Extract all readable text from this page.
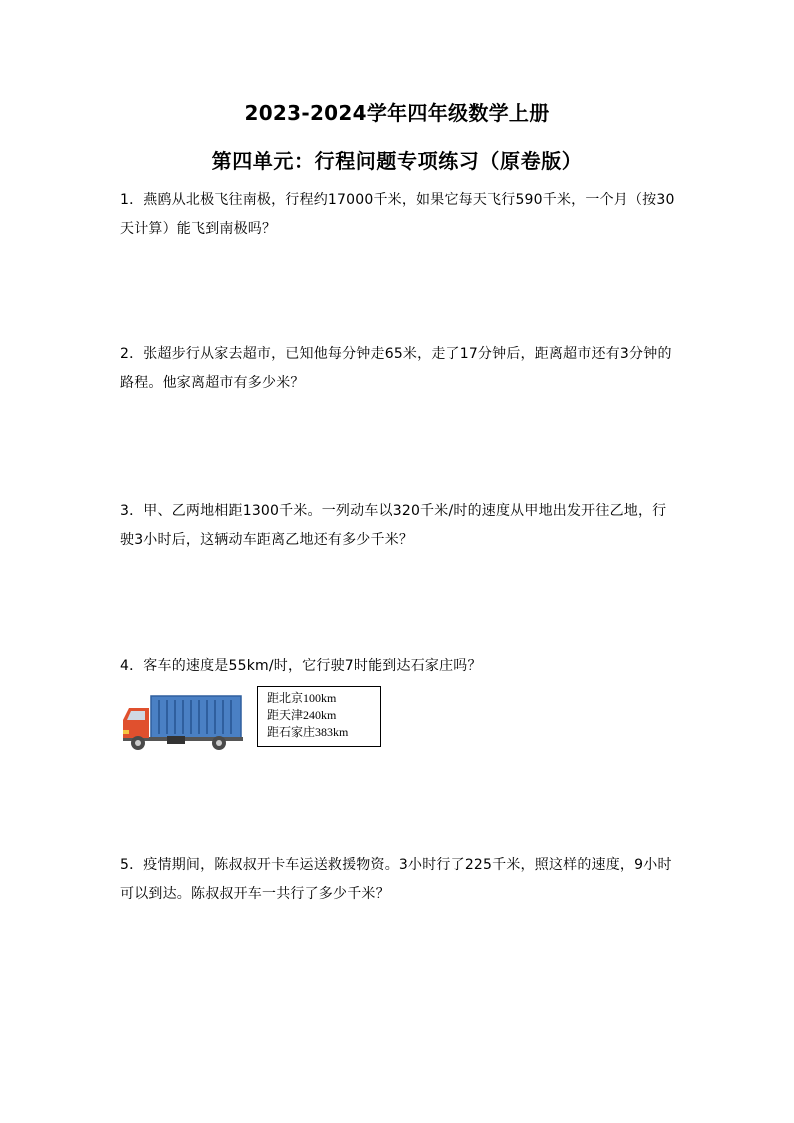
2023-2024学年四年级数学上册
第四单元：行程问题专项练习（原卷版）
1．燕鸥从北极飞往南极，行程约17000千米，如果它每天飞行590千米，一个月（按30天计算）能飞到南极吗？
2．张超步行从家去超市，已知他每分钟走65米，走了17分钟后，距离超市还有3分钟的路程。他家离超市有多少米？
3．甲、乙两地相距1300千米。一列动车以320千米/时的速度从甲地出发开往乙地，行驶3小时后，这辆动车距离乙地还有多少千米？
4．客车的速度是55km/时，它行驶7时能到达石家庄吗？
距北京100km
距天津240km
距石家庄383km
5．疫情期间，陈叔叔开卡车运送救援物资。3小时行了225千米，照这样的速度，9小时可以到达。陈叔叔开车一共行了多少千米？
